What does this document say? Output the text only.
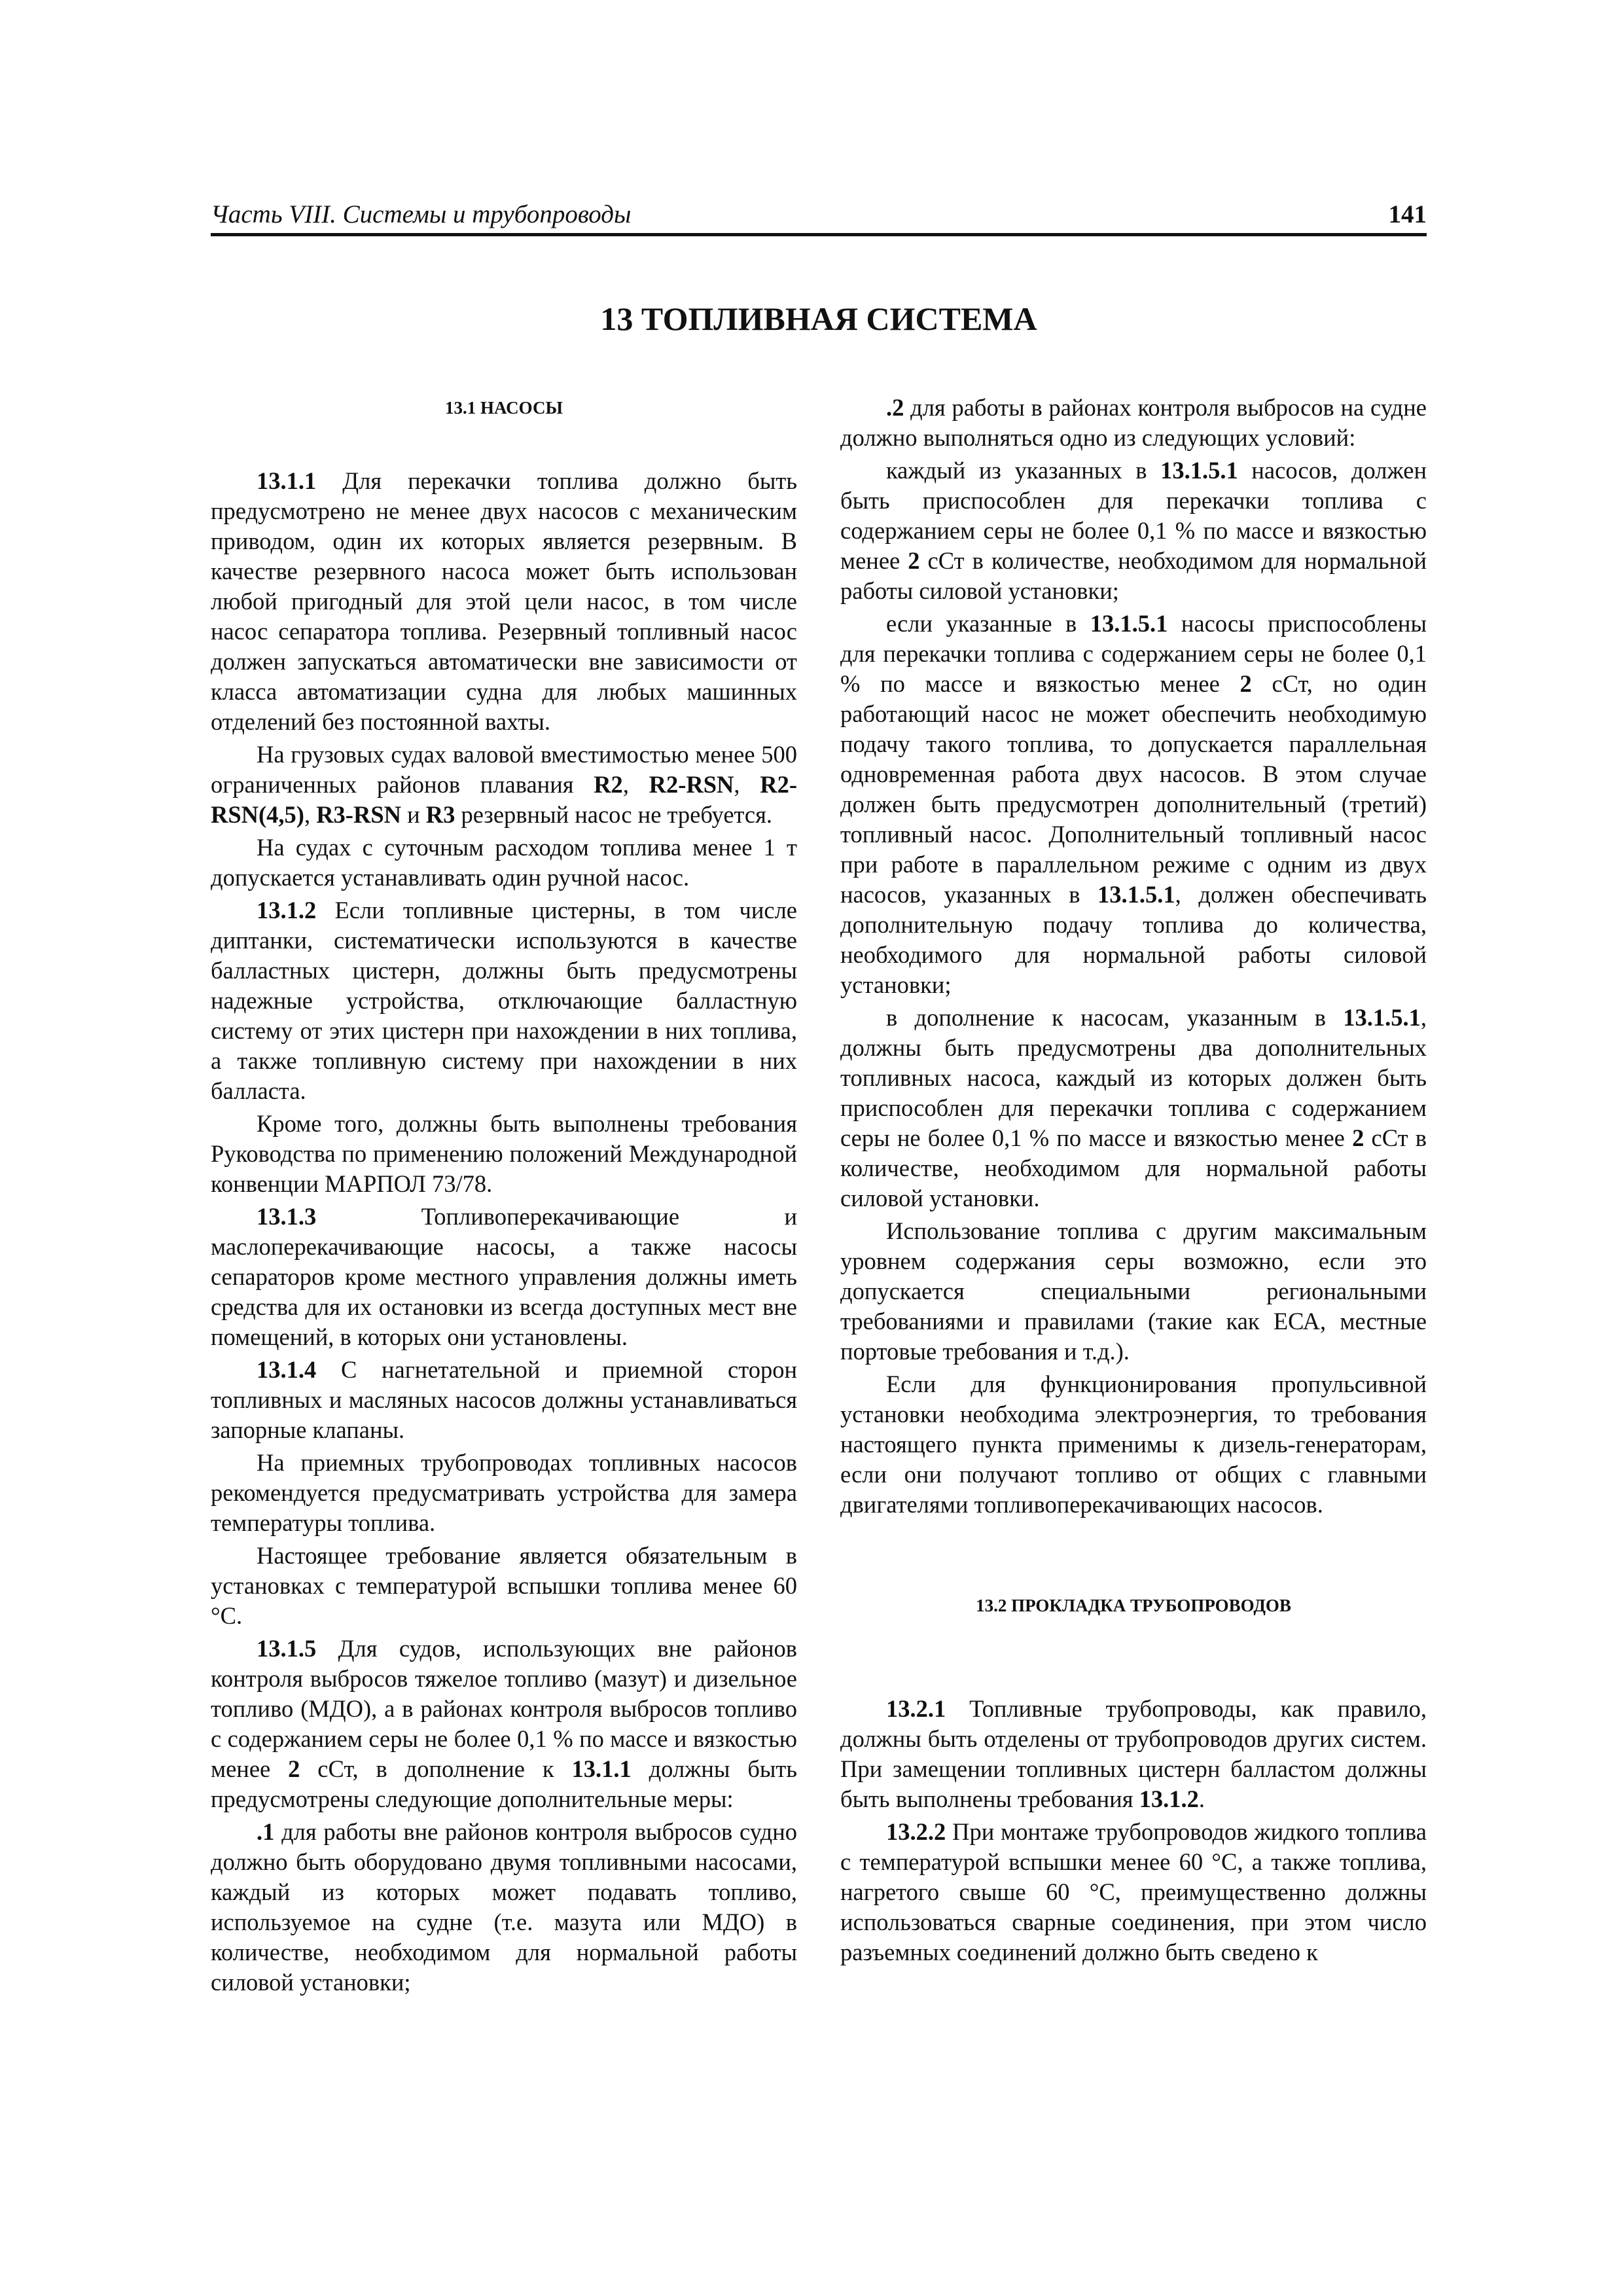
Часть VIII. Системы и трубопроводы	141
13 ТОПЛИВНАЯ СИСТЕМА
13.1 НАСОСЫ

13.1.1 Для перекачки топлива должно быть предусмотрено не менее двух насосов с механическим приводом, один их которых является резервным. В качестве резервного насоса может быть использован любой пригодный для этой цели насос, в том числе насос сепаратора топлива. Резервный топливный насос должен запускаться автоматически вне зависимости от класса автоматизации судна для любых машинных отделений без постоянной вахты.

На грузовых судах валовой вместимостью менее 500 ограниченных районов плавания R2, R2-RSN, R2-RSN(4,5), R3-RSN и R3 резервный насос не требуется.

На судах с суточным расходом топлива менее 1 т допускается устанавливать один ручной насос.

13.1.2 Если топливные цистерны, в том числе диптанки, систематически используются в качестве балластных цистерн, должны быть предусмотрены надежные устройства, отключающие балластную систему от этих цистерн при нахождении в них топлива, а также топливную систему при нахождении в них балласта.

Кроме того, должны быть выполнены требования Руководства по применению положений Международной конвенции МАРПОЛ 73/78.

13.1.3 Топливоперекачивающие и маслоперекачивающие насосы, а также насосы сепараторов кроме местного управления должны иметь средства для их остановки из всегда доступных мест вне помещений, в которых они установлены.

13.1.4 С нагнетательной и приемной сторон топливных и масляных насосов должны устанавливаться запорные клапаны.

На приемных трубопроводах топливных насосов рекомендуется предусматривать устройства для замера температуры топлива.

Настоящее требование является обязательным в установках с температурой вспышки топлива менее 60 °С.

13.1.5 Для судов, использующих вне районов контроля выбросов тяжелое топливо (мазут) и дизельное топливо (МДО), а в районах контроля выбросов топливо с содержанием серы не более 0,1 % по массе и вязкостью менее 2 сСт, в дополнение к 13.1.1 должны быть предусмотрены следующие дополнительные меры:

.1 для работы вне районов контроля выбросов судно должно быть оборудовано двумя топливными насосами, каждый из которых может подавать топливо, используемое на судне (т.е. мазута или МДО) в количестве, необходимом для нормальной работы силовой установки;

.2 для работы в районах контроля выбросов на судне должно выполняться одно из следующих условий:

каждый из указанных в 13.1.5.1 насосов, должен быть приспособлен для перекачки топлива с содержанием серы не более 0,1 % по массе и вязкостью менее 2 сСт в количестве, необходимом для нормальной работы силовой установки;

если указанные в 13.1.5.1 насосы приспособлены для перекачки топлива с содержанием серы не более 0,1 % по массе и вязкостью менее 2 сСт, но один работающий насос не может обеспечить необходимую подачу такого топлива, то допускается параллельная одновременная работа двух насосов. В этом случае должен быть предусмотрен дополнительный (третий) топливный насос. Дополнительный топливный насос при работе в параллельном режиме с одним из двух насосов, указанных в 13.1.5.1, должен обеспечивать дополнительную подачу топлива до количества, необходимого для нормальной работы силовой установки;

в дополнение к насосам, указанным в 13.1.5.1, должны быть предусмотрены два дополнительных топливных насоса, каждый из которых должен быть приспособлен для перекачки топлива с содержанием серы не более 0,1 % по массе и вязкостью менее 2 сСт в количестве, необходимом для нормальной работы силовой установки.

Использование топлива с другим максимальным уровнем содержания серы возможно, если это допускается специальными региональными требованиями и правилами (такие как ЕСА, местные портовые требования и т.д.).

Если для функционирования пропульсивной установки необходима электроэнергия, то требования настоящего пункта применимы к дизель-генераторам, если они получают топливо от общих с главными двигателями топливоперекачивающих насосов.

13.2 ПРОКЛАДКА ТРУБОПРОВОДОВ

13.2.1 Топливные трубопроводы, как правило, должны быть отделены от трубопроводов других систем. При замещении топливных цистерн балластом должны быть выполнены требования 13.1.2.

13.2.2 При монтаже трубопроводов жидкого топлива с температурой вспышки менее 60 °С, а также топлива, нагретого свыше 60 °С, преимущественно должны использоваться сварные соединения, при этом число разъемных соединений должно быть сведено к
